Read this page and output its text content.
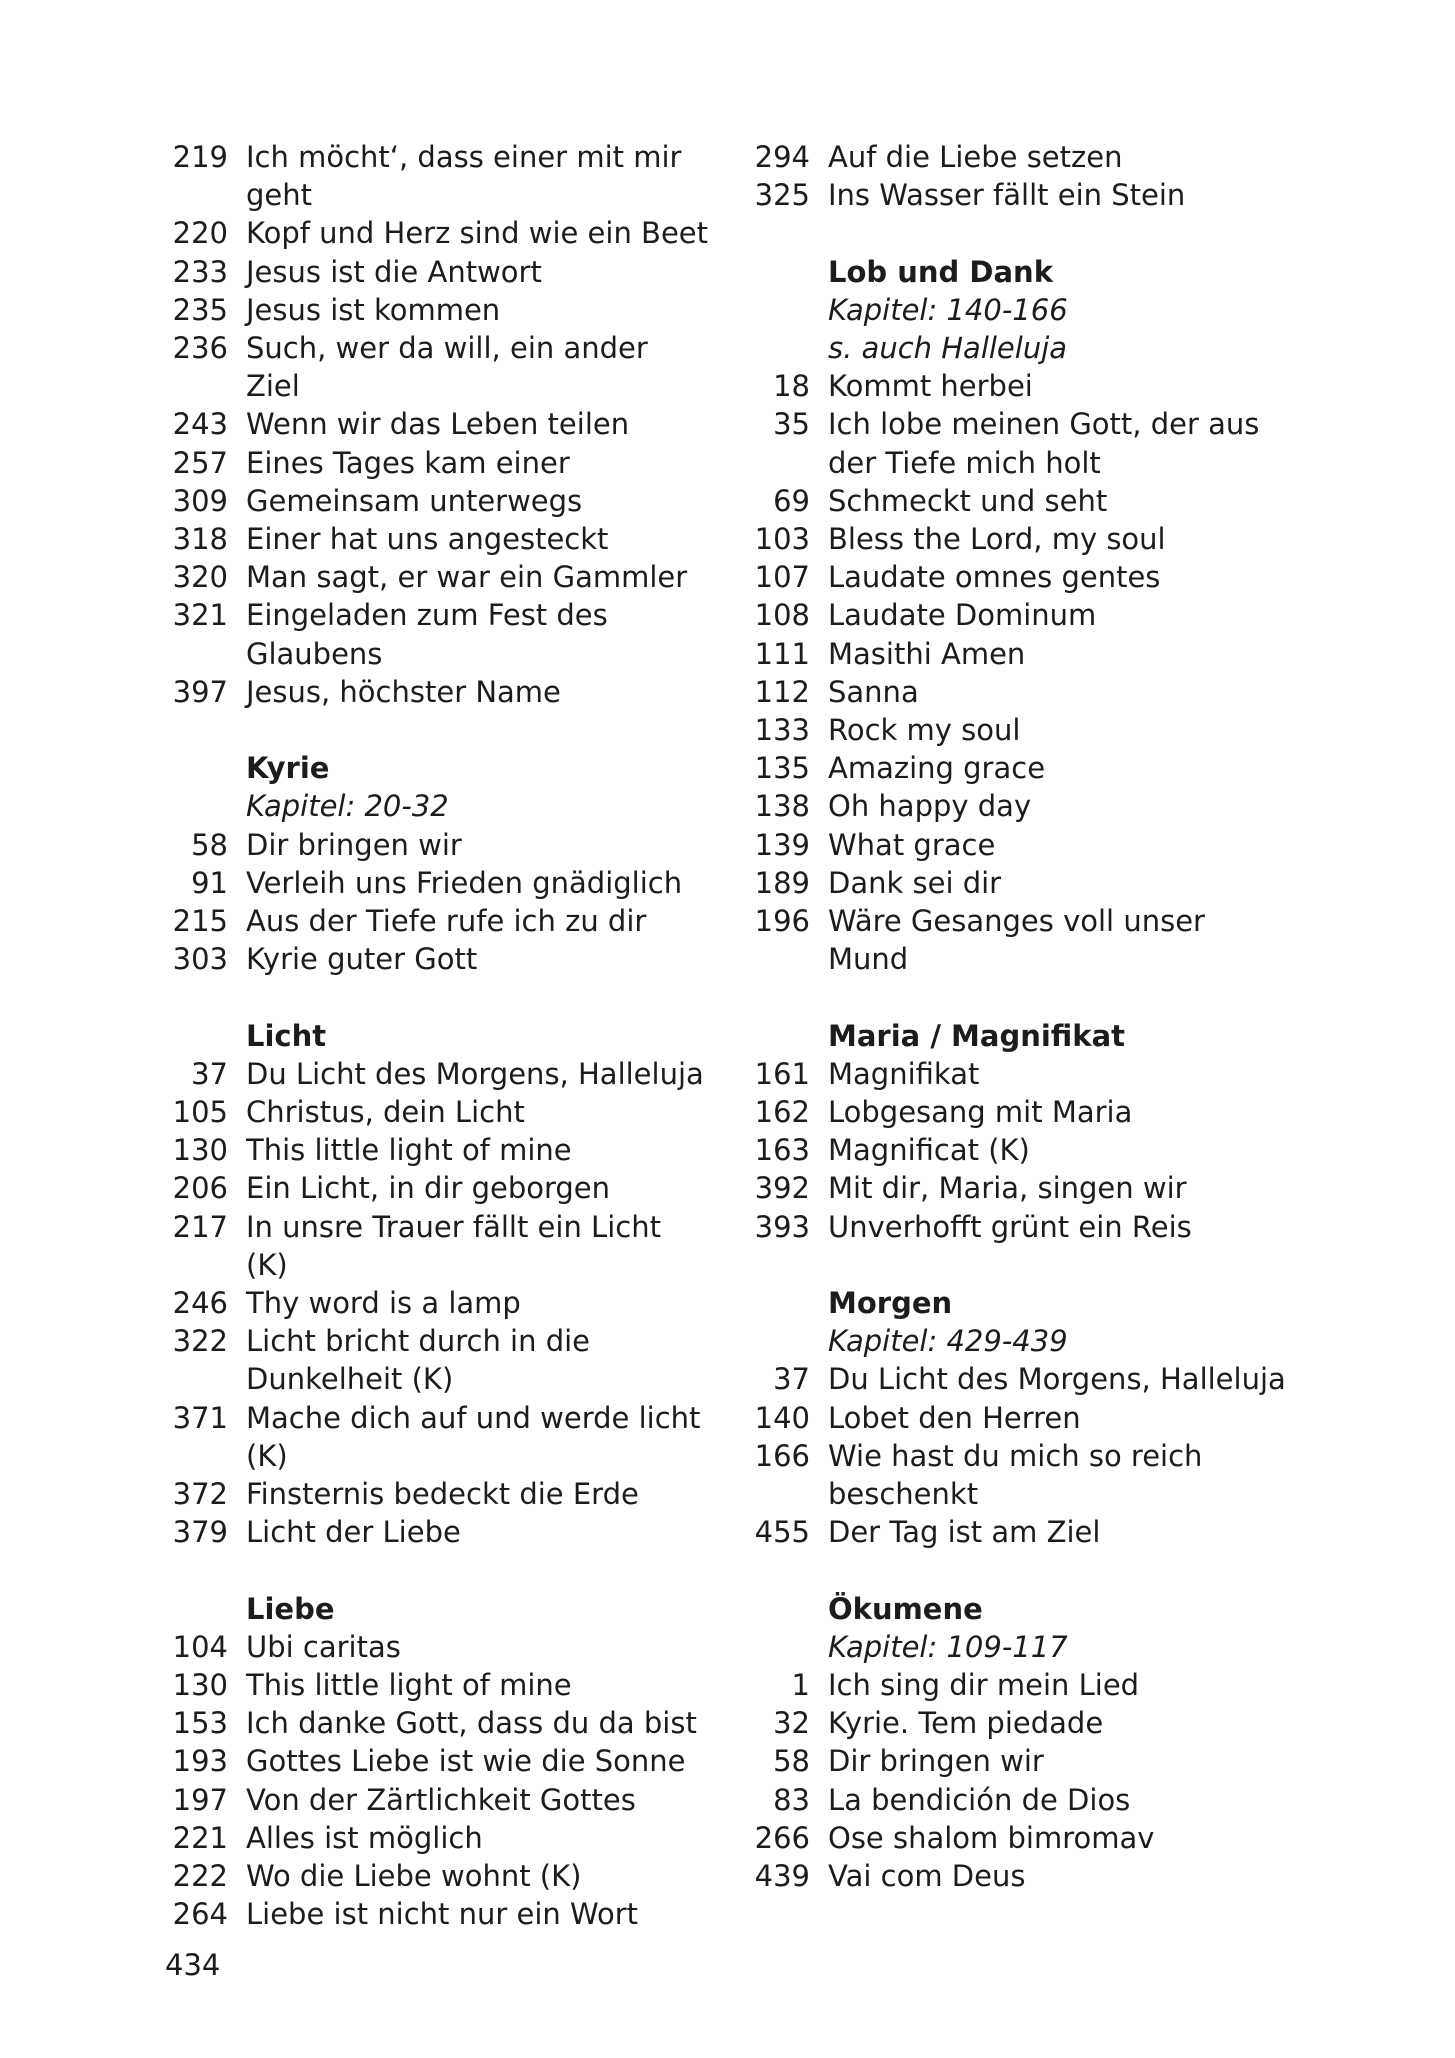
219 Ich möcht‘, dass einer mit mir geht
220 Kopf und Herz sind wie ein Beet
233 Jesus ist die Antwort
235 Jesus ist kommen
236 Such, wer da will, ein ander Ziel
243 Wenn wir das Leben teilen
257 Eines Tages kam einer
309 Gemeinsam unterwegs
318 Einer hat uns angesteckt
320 Man sagt, er war ein Gammler
321 Eingeladen zum Fest des Glaubens
397 Jesus, höchster Name
Kyrie
Kapitel: 20-32
58 Dir bringen wir
91 Verleih uns Frieden gnädiglich
215 Aus der Tiefe rufe ich zu dir
303 Kyrie guter Gott
Licht
37 Du Licht des Morgens, Halleluja
105 Christus, dein Licht
130 This little light of mine
206 Ein Licht, in dir geborgen
217 In unsre Trauer fällt ein Licht (K)
246 Thy word is a lamp
322 Licht bricht durch in die Dunkelheit (K)
371 Mache dich auf und werde licht (K)
372 Finsternis bedeckt die Erde
379 Licht der Liebe
Liebe
104 Ubi caritas
130 This little light of mine
153 Ich danke Gott, dass du da bist
193 Gottes Liebe ist wie die Sonne
197 Von der Zärtlichkeit Gottes
221 Alles ist möglich
222 Wo die Liebe wohnt (K)
264 Liebe ist nicht nur ein Wort
294 Auf die Liebe setzen
325 Ins Wasser fällt ein Stein
Lob und Dank
Kapitel: 140-166
s. auch Halleluja
18 Kommt herbei
35 Ich lobe meinen Gott, der aus der Tiefe mich holt
69 Schmeckt und seht
103 Bless the Lord, my soul
107 Laudate omnes gentes
108 Laudate Dominum
111 Masithi Amen
112 Sanna
133 Rock my soul
135 Amazing grace
138 Oh happy day
139 What grace
189 Dank sei dir
196 Wäre Gesanges voll unser Mund
Maria / Magnifikat
161 Magnifikat
162 Lobgesang mit Maria
163 Magnificat (K)
392 Mit dir, Maria, singen wir
393 Unverhofft grünt ein Reis
Morgen
Kapitel: 429-439
37 Du Licht des Morgens, Halleluja
140 Lobet den Herren
166 Wie hast du mich so reich beschenkt
455 Der Tag ist am Ziel
Ökumene
Kapitel: 109-117
1 Ich sing dir mein Lied
32 Kyrie. Tem piedade
58 Dir bringen wir
83 La bendición de Dios
266 Ose shalom bimromav
439 Vai com Deus
434
